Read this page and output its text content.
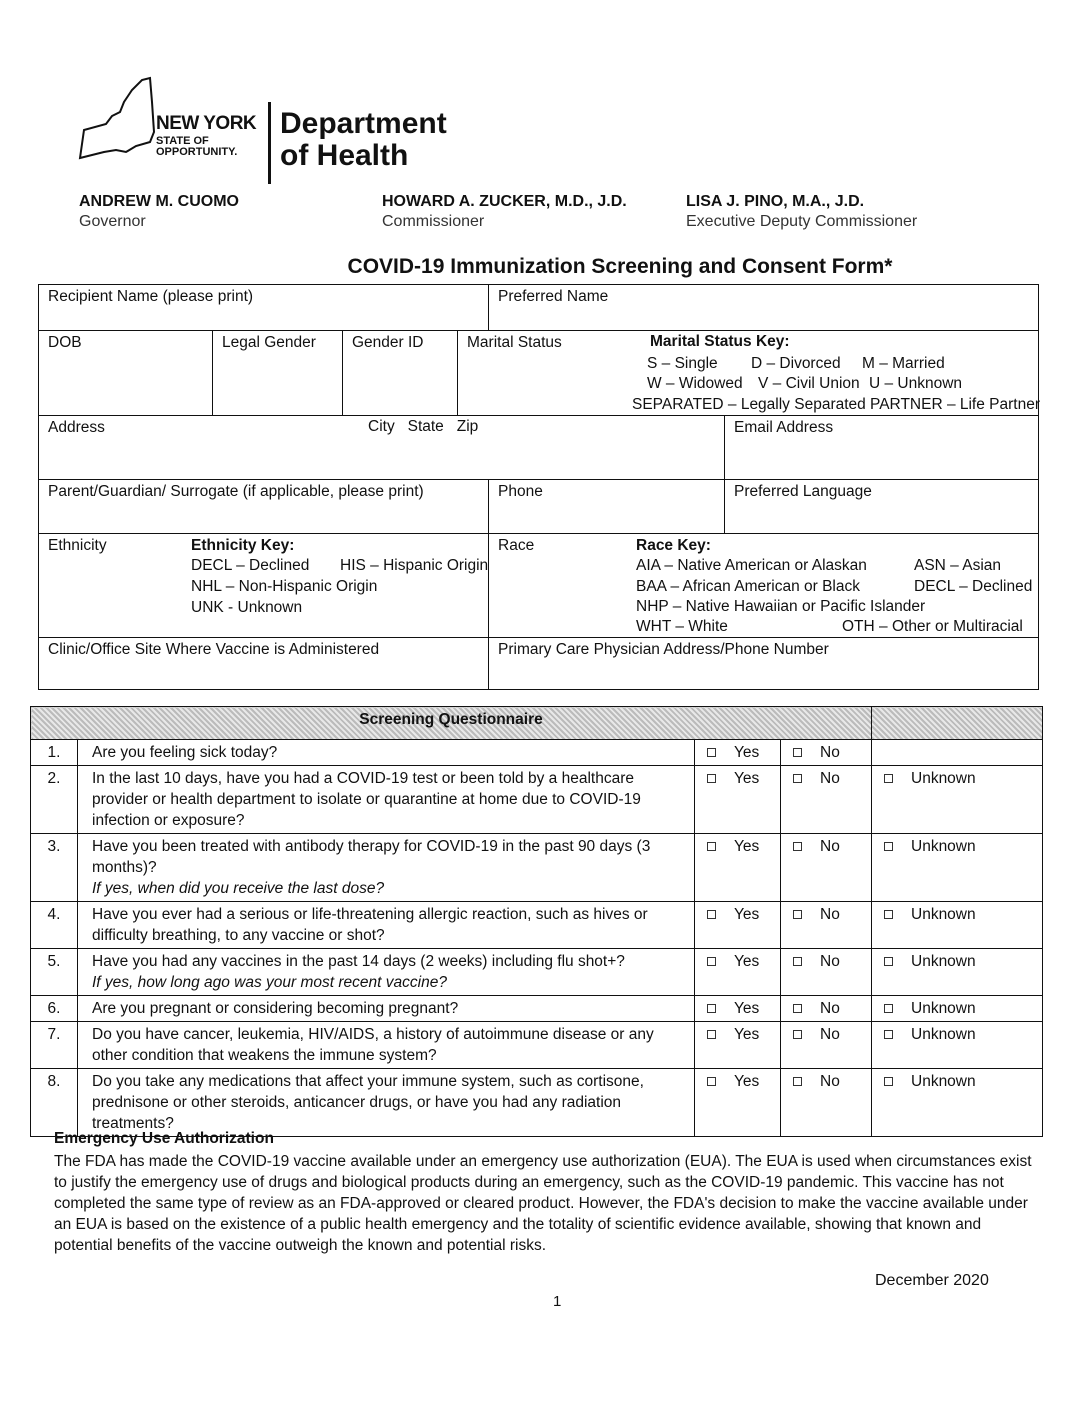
NEW YORK
STATE OF
OPPORTUNITY.
Department
of Health
ANDREW M. CUOMO
Governor
HOWARD A. ZUCKER, M.D., J.D.
Commissioner
LISA J. PINO, M.A., J.D.
Executive Deputy Commissioner
COVID-19 Immunization Screening and Consent Form*
Recipient Name (please print)	Preferred Name
DOB	Legal Gender	Gender ID	Marital Status	Marital Status Key:
S – Single D – Divorced M – Married
W – Widowed V – Civil Union U – Unknown
SEPARATED – Legally Separated PARTNER – Life Partner
Address	City   State   Zip	Email Address
Parent/Guardian/ Surrogate (if applicable, please print)	Phone	Preferred Language
Ethnicity	Ethnicity Key:
DECL – Declined HIS – Hispanic Origin
NHL – Non-Hispanic Origin
UNK - Unknown
Race	Race Key:
AIA – Native American or Alaskan	ASN – Asian
BAA – African American or Black	DECL – Declined
NHP – Native Hawaiian or Pacific Islander
WHT – White	OTH – Other or Multiracial
Clinic/Office Site Where Vaccine is Administered	Primary Care Physician Address/Phone Number
Screening Questionnaire				
1.	Are you feeling sick today?	Yes	No	
2.	In the last 10 days, have you had a COVID-19 test or been told by a healthcare provider or health department to isolate or quarantine at home due to COVID-19 infection or exposure?	Yes	No	Unknown
3.	Have you been treated with antibody therapy for COVID-19 in the past 90 days (3 months)?
If yes, when did you receive the last dose?	Yes	No	Unknown
4.	Have you ever had a serious or life-threatening allergic reaction, such as hives or difficulty breathing, to any vaccine or shot?	Yes	No	Unknown
5.	Have you had any vaccines in the past 14 days (2 weeks) including flu shot+?
If yes, how long ago was your most recent vaccine?	Yes	No	Unknown
6.	Are you pregnant or considering becoming pregnant?	Yes	No	Unknown
7.	Do you have cancer, leukemia, HIV/AIDS, a history of autoimmune disease or any other condition that weakens the immune system?	Yes	No	Unknown
8.	Do you take any medications that affect your immune system, such as cortisone, prednisone or other steroids, anticancer drugs, or have you had any radiation treatments?	Yes	No	Unknown
Emergency Use Authorization
The FDA has made the COVID-19 vaccine available under an emergency use authorization (EUA). The EUA is used when circumstances exist to justify the emergency use of drugs and biological products during an emergency, such as the COVID-19 pandemic. This vaccine has not completed the same type of review as an FDA-approved or cleared product. However, the FDA's decision to make the vaccine available under an EUA is based on the existence of a public health emergency and the totality of scientific evidence available, showing that known and potential benefits of the vaccine outweigh the known and potential risks.
December 2020
1
